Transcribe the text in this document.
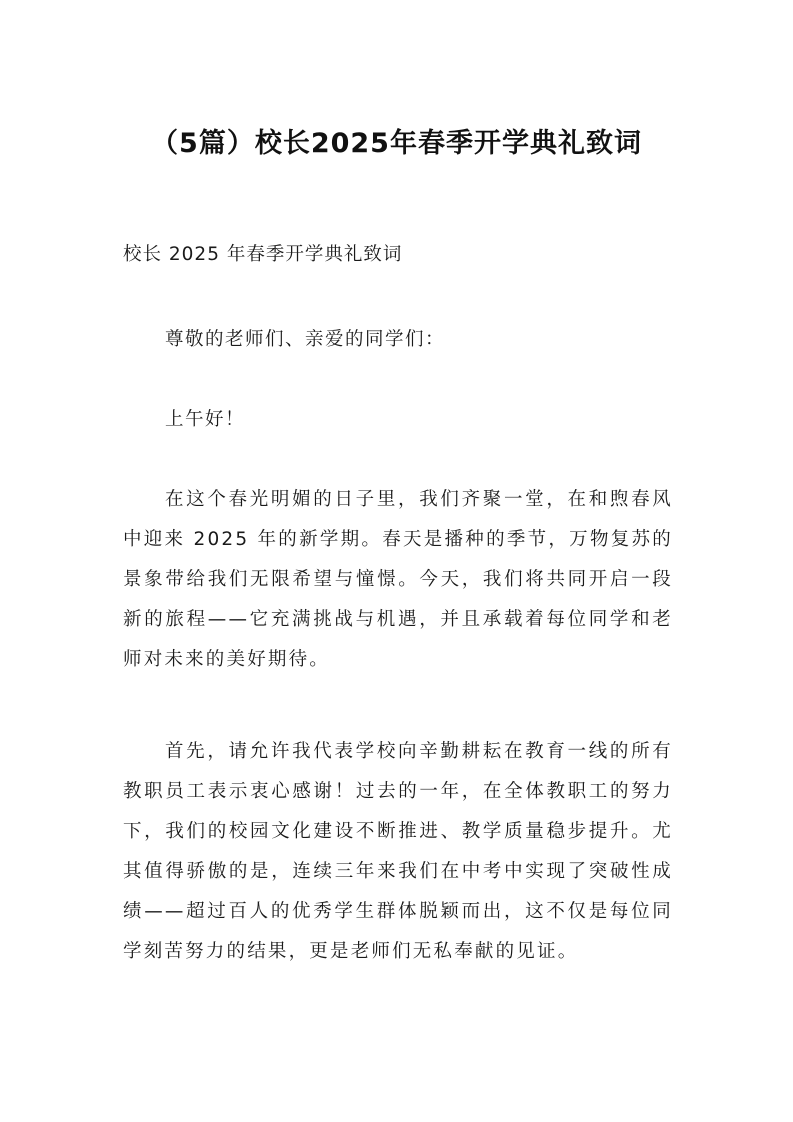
（5篇）校长2025年春季开学典礼致词

校长 2025 年春季开学典礼致词

尊敬的老师们、亲爱的同学们：

上午好！

在这个春光明媚的日子里，我们齐聚一堂，在和煦春风中迎来 2025 年的新学期。春天是播种的季节，万物复苏的景象带给我们无限希望与憧憬。今天，我们将共同开启一段新的旅程——它充满挑战与机遇，并且承载着每位同学和老师对未来的美好期待。

首先，请允许我代表学校向辛勤耕耘在教育一线的所有教职员工表示衷心感谢！过去的一年，在全体教职工的努力下，我们的校园文化建设不断推进、教学质量稳步提升。尤其值得骄傲的是，连续三年来我们在中考中实现了突破性成绩——超过百人的优秀学生群体脱颖而出，这不仅是每位同学刻苦努力的结果，更是老师们无私奉献的见证。
